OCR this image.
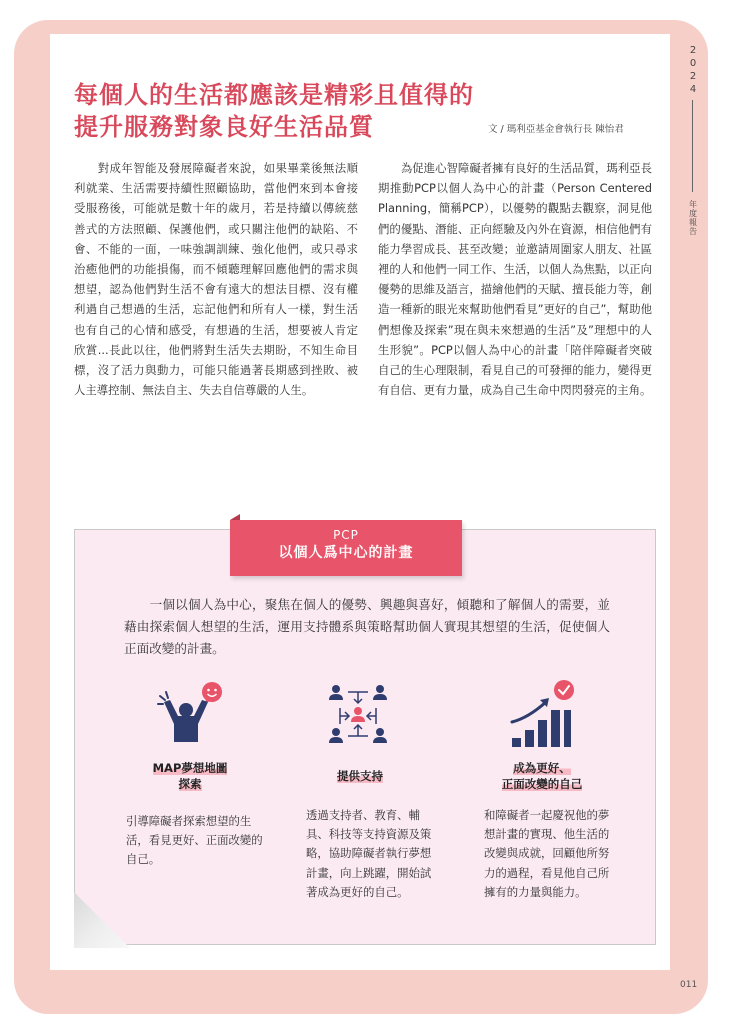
每個人的生活都應該是精彩且值得的
提升服務對象良好生活品質	文 / 瑪利亞基金會執行長 陳怡君

　　對成年智能及發展障礙者來說，如果畢業後無法順利就業、生活需要持續性照顧協助，當他們來到本會接受服務後，可能就是數十年的歲月，若是持續以傳統慈善式的方法照顧、保護他們，或只關注他們的缺陷、不會、不能的一面，一味強調訓練、強化他們，或只尋求治癒他們的功能損傷，而不傾聽理解回應他們的需求與想望，認為他們對生活不會有遠大的想法目標、沒有權利過自己想過的生活，忘記他們和所有人一樣，對生活也有自己的心情和感受，有想過的生活，想要被人肯定欣賞...長此以往，他們將對生活失去期盼，不知生命目標，沒了活力與動力，可能只能過著長期感到挫敗、被人主導控制、無法自主、失去自信尊嚴的人生。

　　為促進心智障礙者擁有良好的生活品質，瑪利亞長期推動PCP以個人為中心的計畫（Person Centered Planning，簡稱PCP），以優勢的觀點去觀察，洞見他們的優點、潛能、正向經驗及內外在資源，相信他們有能力學習成長、甚至改變；並邀請周圍家人朋友、社區裡的人和他們一同工作、生活，以個人為焦點，以正向優勢的思維及語言，描繪他們的天賦、擅長能力等，創造一種新的眼光來幫助他們看見”更好的自己”，幫助他們想像及探索”現在與未來想過的生活”及”理想中的人生形貌”。PCP以個人為中心的計畫「陪伴障礙者突破自己的生心理限制，看見自己的可發揮的能力，變得更有自信、更有力量，成為自己生命中閃閃發亮的主角。

2024
年度報告
PCP
以個人爲中心的計畫

　　一個以個人為中心，聚焦在個人的優勢、興趣與喜好，傾聽和了解個人的需要，並藉由探索個人想望的生活，運用支持體系與策略幫助個人實現其想望的生活，促使個人正面改變的計畫。

MAP夢想地圖
探索

引導障礙者探索想望的生活，看見更好、正面改變的自己。

提供支持

透過支持者、教育、輔具、科技等支持資源及策略，協助障礙者執行夢想計畫，向上跳躍，開始試著成為更好的自己。

成為更好、
正面改變的自己

和障礙者一起慶祝他的夢想計畫的實現、他生活的改變與成就，回顧他所努力的過程，看見他自己所擁有的力量與能力。

011
